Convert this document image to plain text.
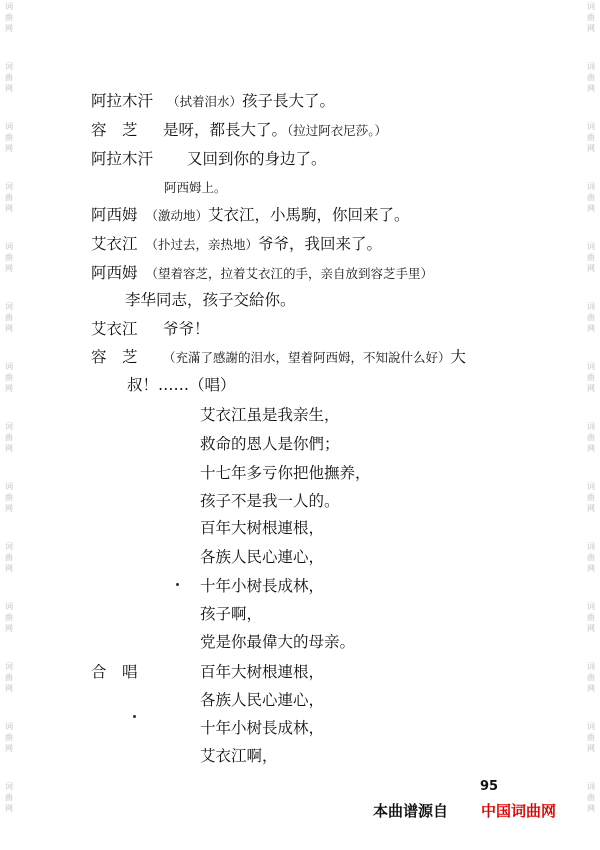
词
曲
网
词
曲
网
词
曲
网
词
曲
网
词
曲
网
词
曲
网
词
曲
网
词
曲
网
词
曲
网
词
曲
网
词
曲
网
词
曲
网
词
曲
网
词
曲
网
词
曲
网
词
曲
网
词
曲
网
词
曲
网
词
曲
网
词
曲
网
词
曲
网
词
曲
网
词
曲
网
词
曲
网
词
曲
网
词
曲
网
词
曲
网
词
曲
网
阿拉木汗 （拭着泪水）孩子長大了。
容　芝 是呀，都長大了。（拉过阿衣尼莎。）
阿拉木汗 又回到你的身边了。
阿西姆上。
阿西姆 （激动地）艾衣江，小馬駒，你回来了。
艾衣江 （扑过去，亲热地）爷爷，我回来了。
阿西姆 （望着容芝，拉着艾衣江的手，亲自放到容芝手里）
李华同志，孩子交給你。
艾衣江 爷爷！
容　芝 （充滿了感謝的泪水，望着阿西姆，不知說什么好）大
叔！……（唱）
艾衣江虽是我亲生，
救命的恩人是你們；
十七年多亏你把他撫养，
孩子不是我一人的。
百年大树根連根，
各族人民心連心，
十年小树長成林，
孩子啊，
党是你最偉大的母亲。
合　唱	百年大树根連根，
各族人民心連心，
十年小树長成林，
艾衣江啊，
95
本曲谱源自 中国词曲网
